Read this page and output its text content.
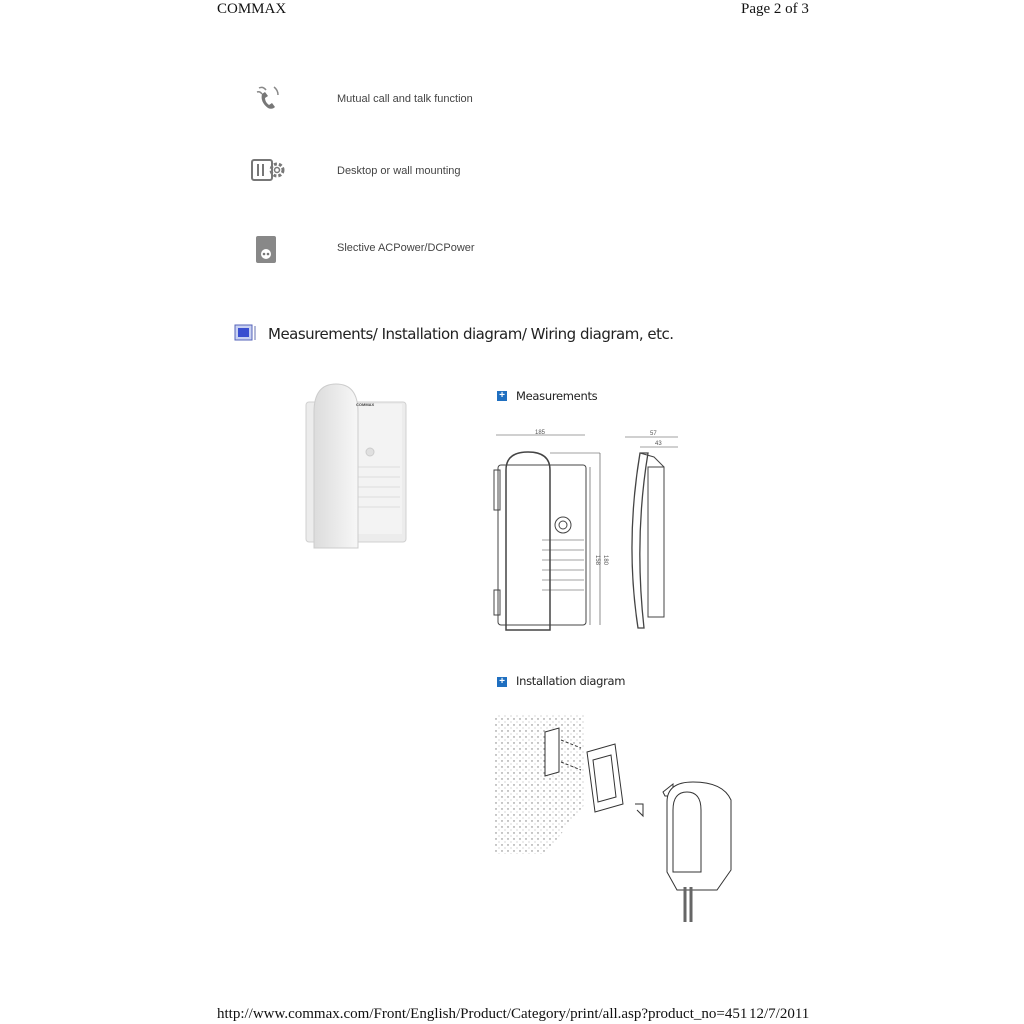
COMMAX	Page 2 of 3
Mutual call and talk function
Desktop or wall mounting
Slective ACPower/DCPower
Measurements/ Installation diagram/ Wiring diagram, etc.
COMMAX
+ Measurements
185	57
43
158 180
+ Installation diagram
http://www.commax.com/Front/English/Product/Category/print/all.asp?product_no=451 12/7/2011
